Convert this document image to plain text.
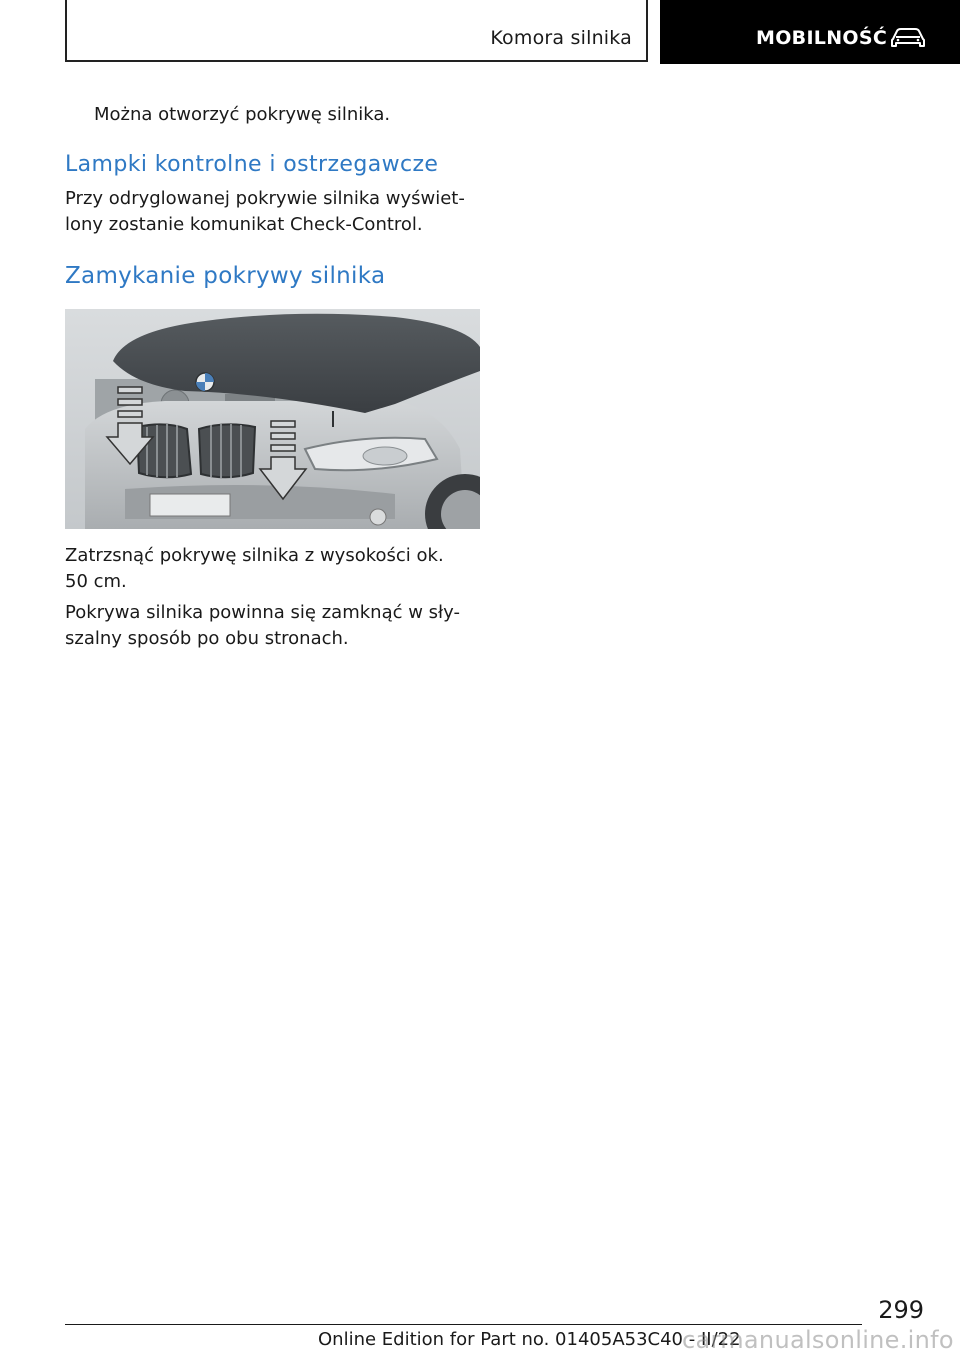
Komora silnika	MOBILNOŚĆ
Można otworzyć pokrywę silnika.
Lampki kontrolne i ostrzegawcze
Przy odryglowanej pokrywie silnika wyświet-
lony zostanie komunikat Check-Control.
Zamykanie pokrywy silnika
Zatrzsnąć pokrywę silnika z wysokości ok.
50 cm.
Pokrywa silnika powinna się zamknąć w sły-
szalny sposób po obu stronach.
299
Online Edition for Part no. 01405A53C40 - II/22
carmanualsonline.info
